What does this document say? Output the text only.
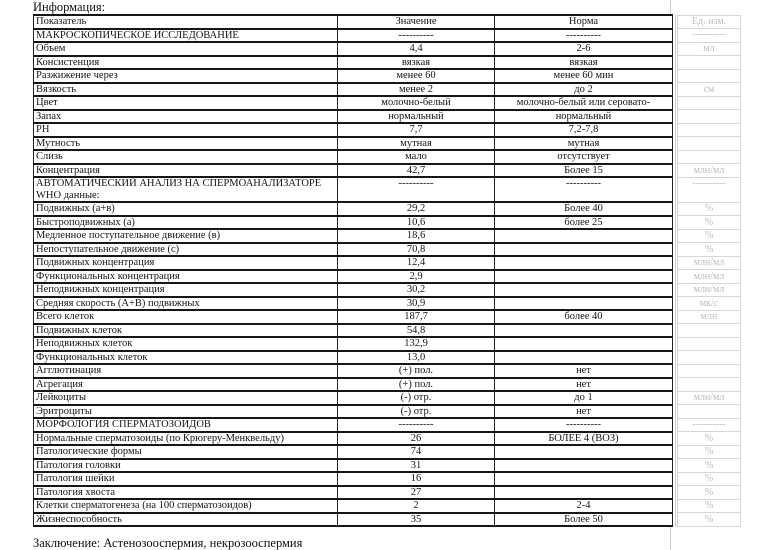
Информация:
Показатель	Значение	Норма		Ед. изм.
МАКРОСКОПИЧЕСКОЕ ИССЛЕДОВАНИЕ	----------	----------		----------
Объем	4,4	2-6		мл
Консистенция	вязкая	вязкая		
Разжижение через	менее 60	менее 60 мин		
Вязкость	менее 2	до 2		см
Цвет	молочно-белый	молочно-белый или серовато-		
Запах	нормальный	нормальный		
PH	7,7	7,2-7,8		
Мутность	мутная	мутная		
Слизь	мало	отсутствует		
Концентрация	42,7	Более 15		млн/мл
АВТОМАТИЧЕСКИЙ АНАЛИЗ НА СПЕРМОАНАЛИЗАТОРЕ WHO данные:	----------	----------		----------
Подвижных (а+в)	29,2	Более 40		%
Быстроподвижных (а)	10,6	более 25		%
Медленное поступательное движение (в)	18,6			%
Непоступательное движение (с)	70,8			%
Подвижных концентрация	12,4			млн/мл
Функциональных концентрация	2,9			млн/мл
Неподвижных концентрация	30,2			млн/мл
Средняя скорость (А+В) подвижных	30,9			мк/с
Всего клеток	187,7	более 40		млн
Подвижных клеток	54,8			
Неподвижных клеток	132,9			
Функциональных клеток	13,0			
Агглютинация	(+) пол.	нет		
Агрегация	(+) пол.	нет		
Лейкоциты	(-) отр.	до 1		млн/мл
Эритроциты	(-) отр.	нет		
МОРФОЛОГИЯ СПЕРМАТОЗОИДОВ	----------	----------		----------
Нормальные сперматозоиды (по Крюгеру-Менквельду)	26	БОЛЕЕ 4 (ВОЗ)		%
Патологические формы	74			%
Патология головки	31			%
Патология шейки	16			%
Патология хвоста	27			%
Клетки сперматогенеза (на 100 сперматозоидов)	2	2-4		%
Жизнеспособность	35	Более 50		%
Заключение: Астенозооспермия, некрозооспермия
